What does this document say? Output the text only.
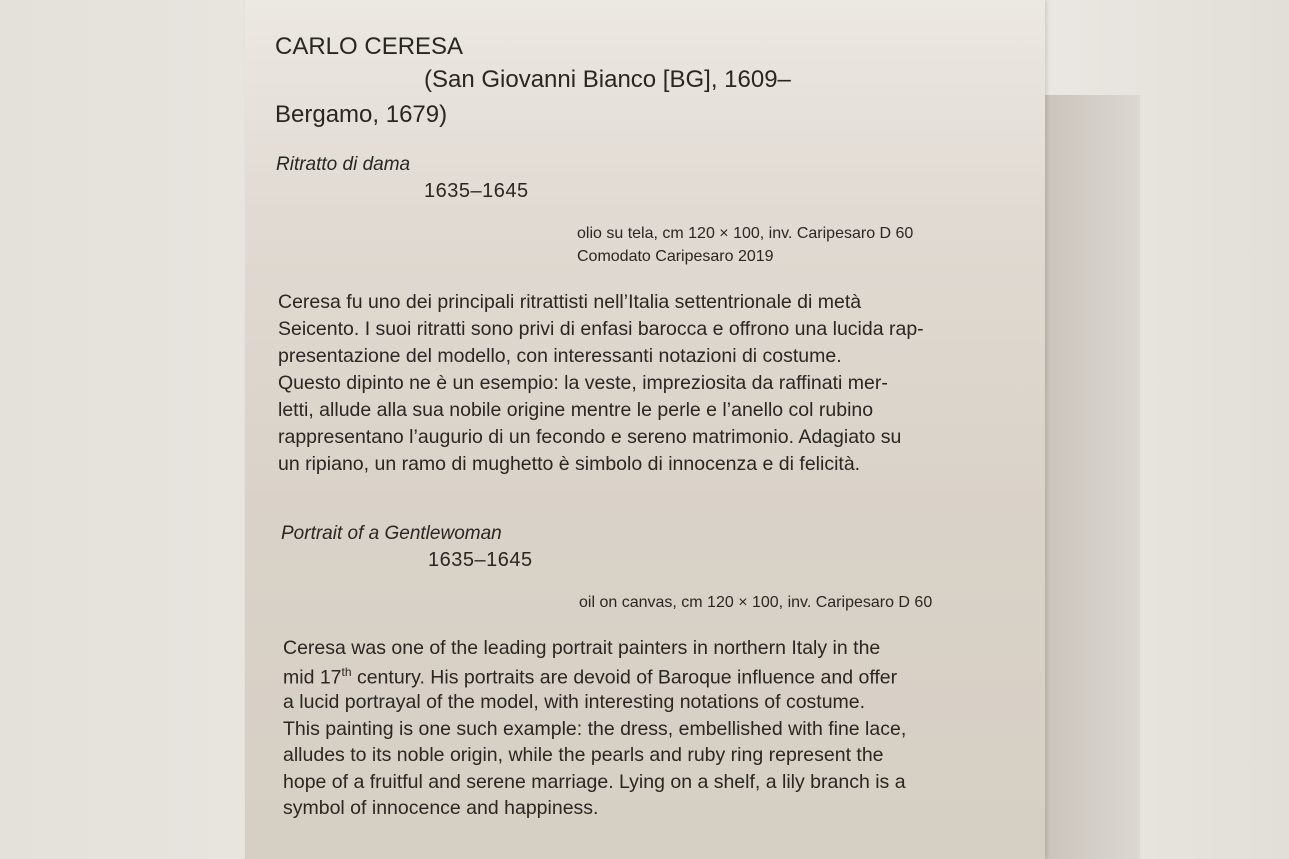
CARLO CERESA
(San Giovanni Bianco [BG], 1609–
Bergamo, 1679)
Ritratto di dama
1635–1645
olio su tela, cm 120 × 100, inv. Caripesaro D 60
Comodato Caripesaro 2019
Ceresa fu uno dei principali ritrattisti nell’Italia settentrionale di metà
Seicento. I suoi ritratti sono privi di enfasi barocca e offrono una lucida rap-
presentazione del modello, con interessanti notazioni di costume.
Questo dipinto ne è un esempio: la veste, impreziosita da raffinati mer-
letti, allude alla sua nobile origine mentre le perle e l’anello col rubino
rappresentano l’augurio di un fecondo e sereno matrimonio. Adagiato su
un ripiano, un ramo di mughetto è simbolo di innocenza e di felicità.
Portrait of a Gentlewoman
1635–1645
oil on canvas, cm 120 × 100, inv. Caripesaro D 60
Ceresa was one of the leading portrait painters in northern Italy in the
mid 17th century. His portraits are devoid of Baroque influence and offer
a lucid portrayal of the model, with interesting notations of costume.
This painting is one such example: the dress, embellished with fine lace,
alludes to its noble origin, while the pearls and ruby ring represent the
hope of a fruitful and serene marriage. Lying on a shelf, a lily branch is a
symbol of innocence and happiness.
